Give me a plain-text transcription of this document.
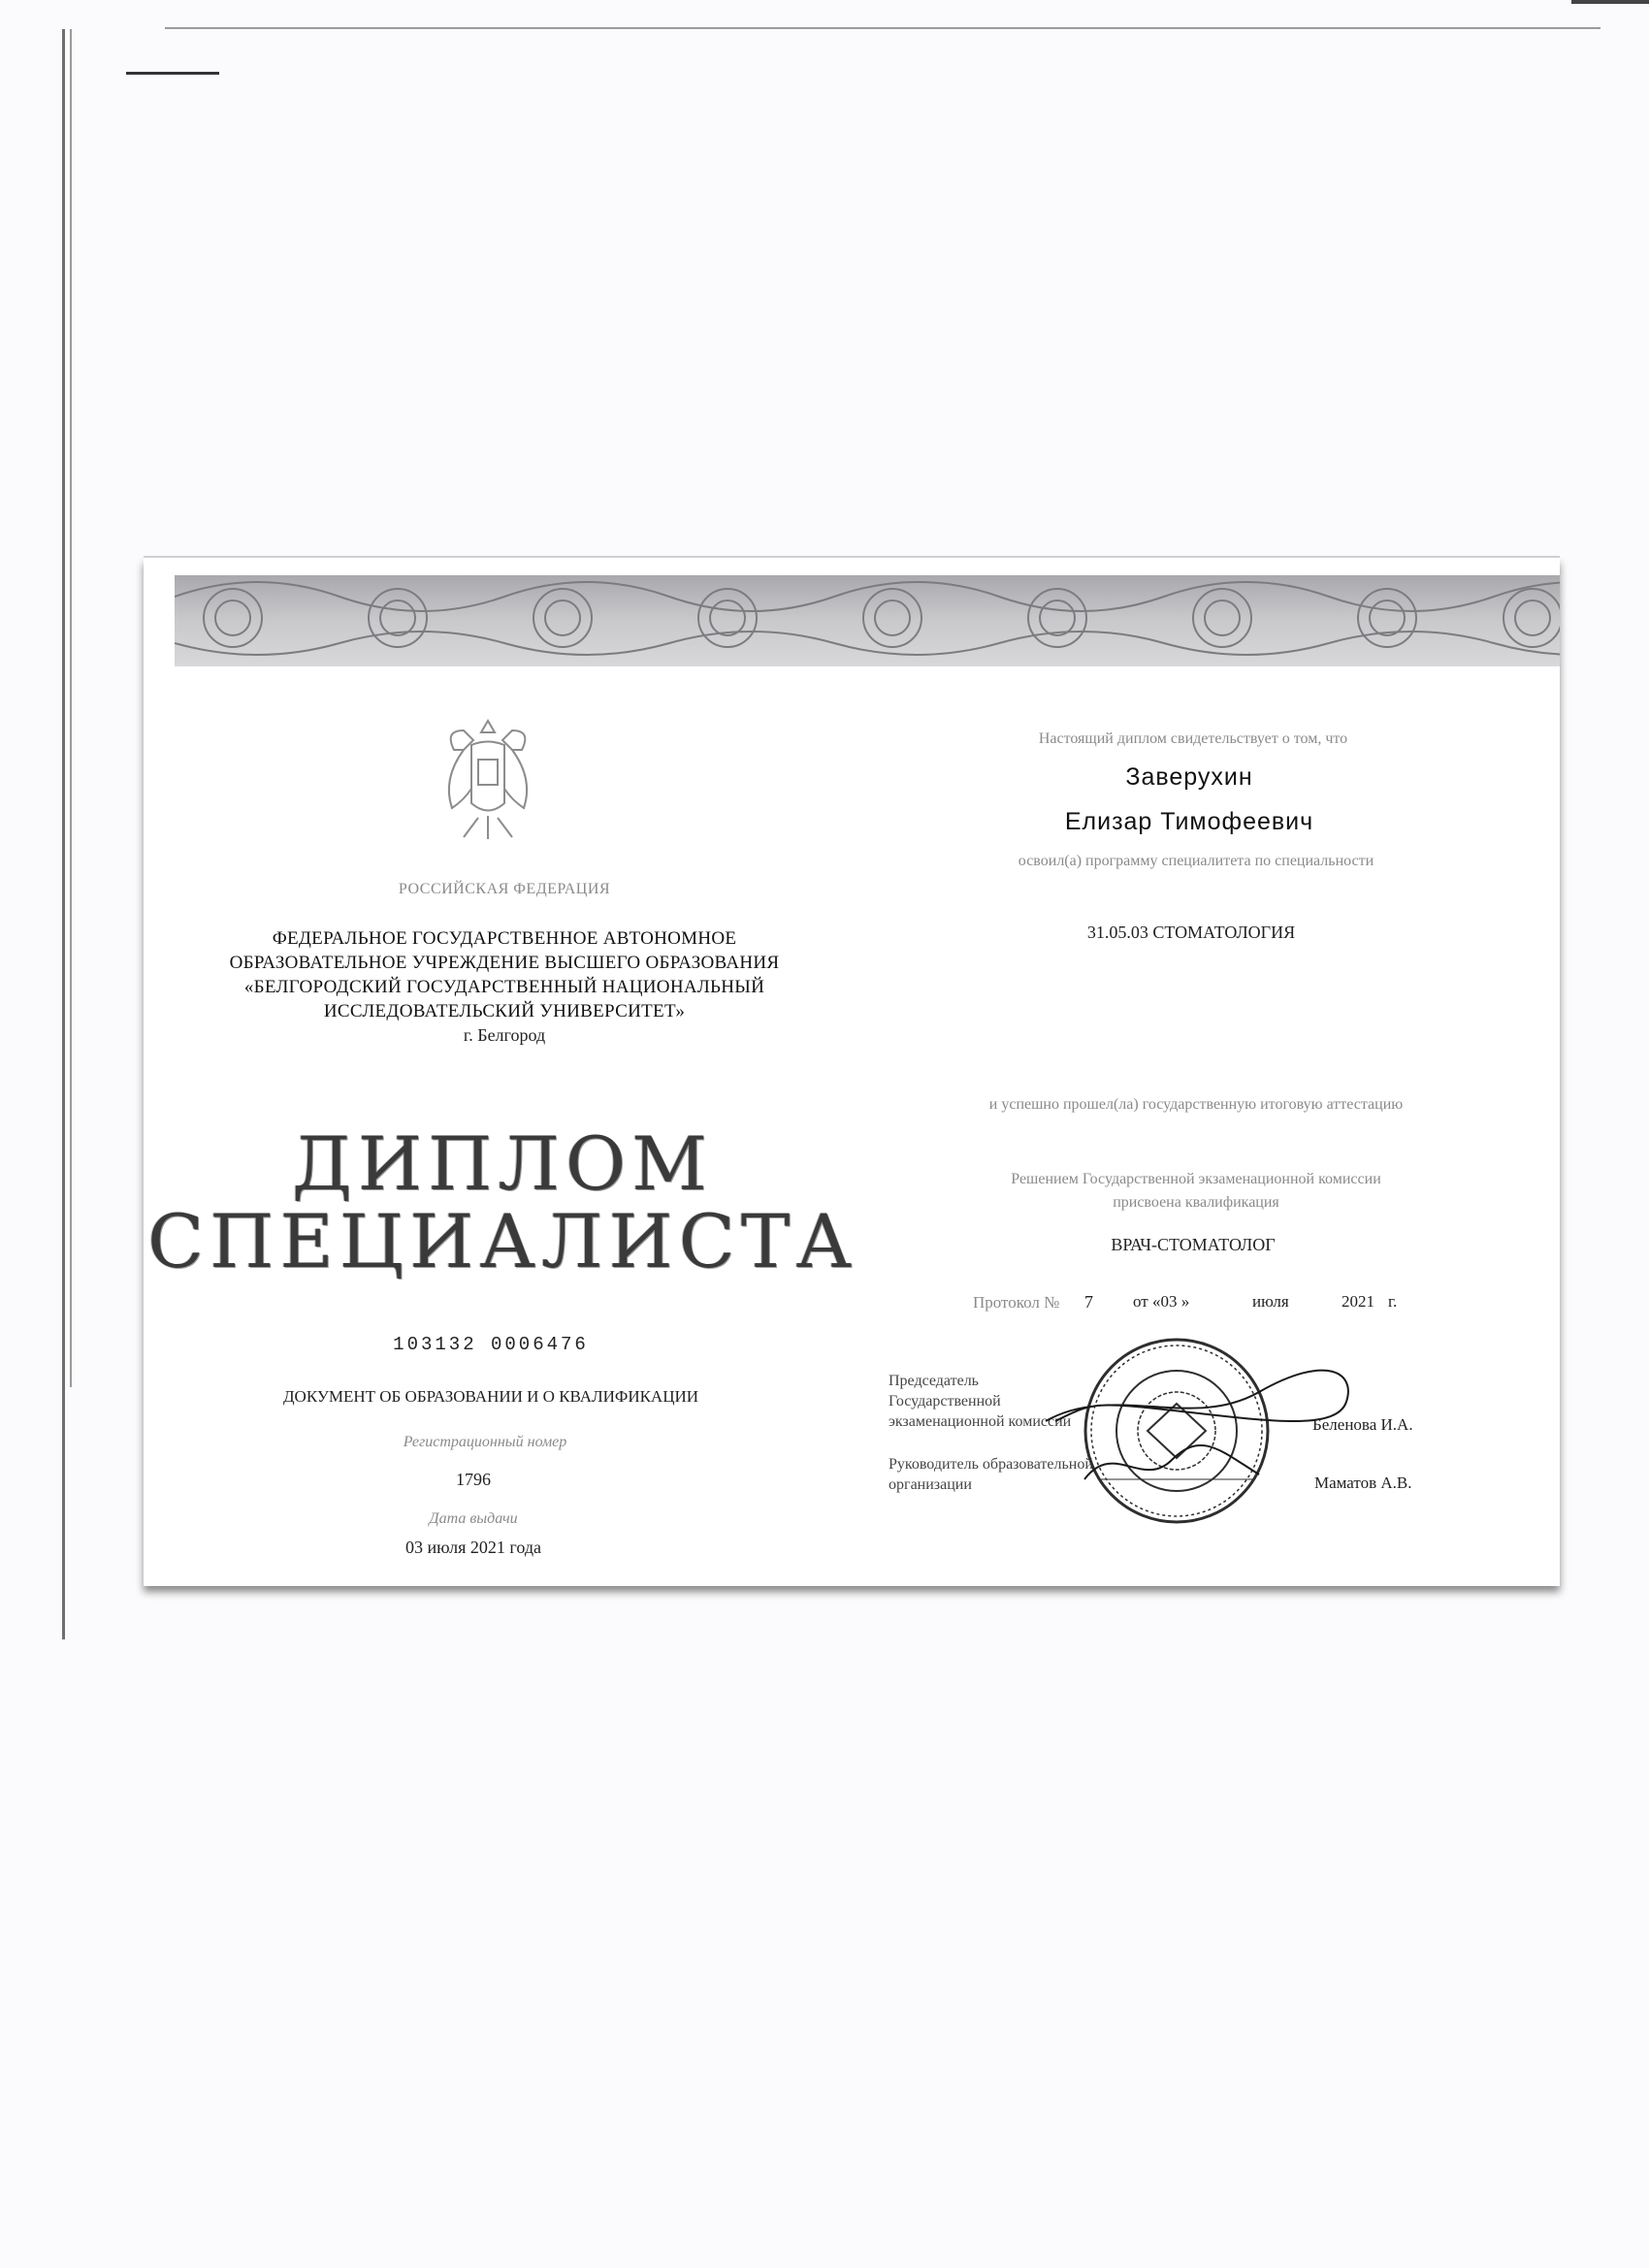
РОССИЙСКАЯ ФЕДЕРАЦИЯ
ФЕДЕРАЛЬНОЕ ГОСУДАРСТВЕННОЕ АВТОНОМНОЕ
ОБРАЗОВАТЕЛЬНОЕ УЧРЕЖДЕНИЕ ВЫСШЕГО ОБРАЗОВАНИЯ
«БЕЛГОРОДСКИЙ ГОСУДАРСТВЕННЫЙ НАЦИОНАЛЬНЫЙ
ИССЛЕДОВАТЕЛЬСКИЙ УНИВЕРСИТЕТ»
г. Белгород
ДИПЛОМ
СПЕЦИАЛИСТА
103132 0006476
ДОКУМЕНТ ОБ ОБРАЗОВАНИИ И О КВАЛИФИКАЦИИ
Регистрационный номер
1796
Дата выдачи
03 июля 2021 года
Настоящий диплом свидетельствует о том, что
Заверухин
Елизар Тимофеевич
освоил(а) программу специалитета по специальности
31.05.03 СТОМАТОЛОГИЯ
и успешно прошел(ла) государственную итоговую аттестацию
Решением Государственной экзаменационной комиссии
присвоена квалификация
ВРАЧ-СТОМАТОЛОГ
Протокол № 7 от «03 »	июля	2021 г.
Председатель
Государственной
экзаменационной комиссии	Беленова И.А.
Руководитель образовательной
организации	Маматов А.В.
